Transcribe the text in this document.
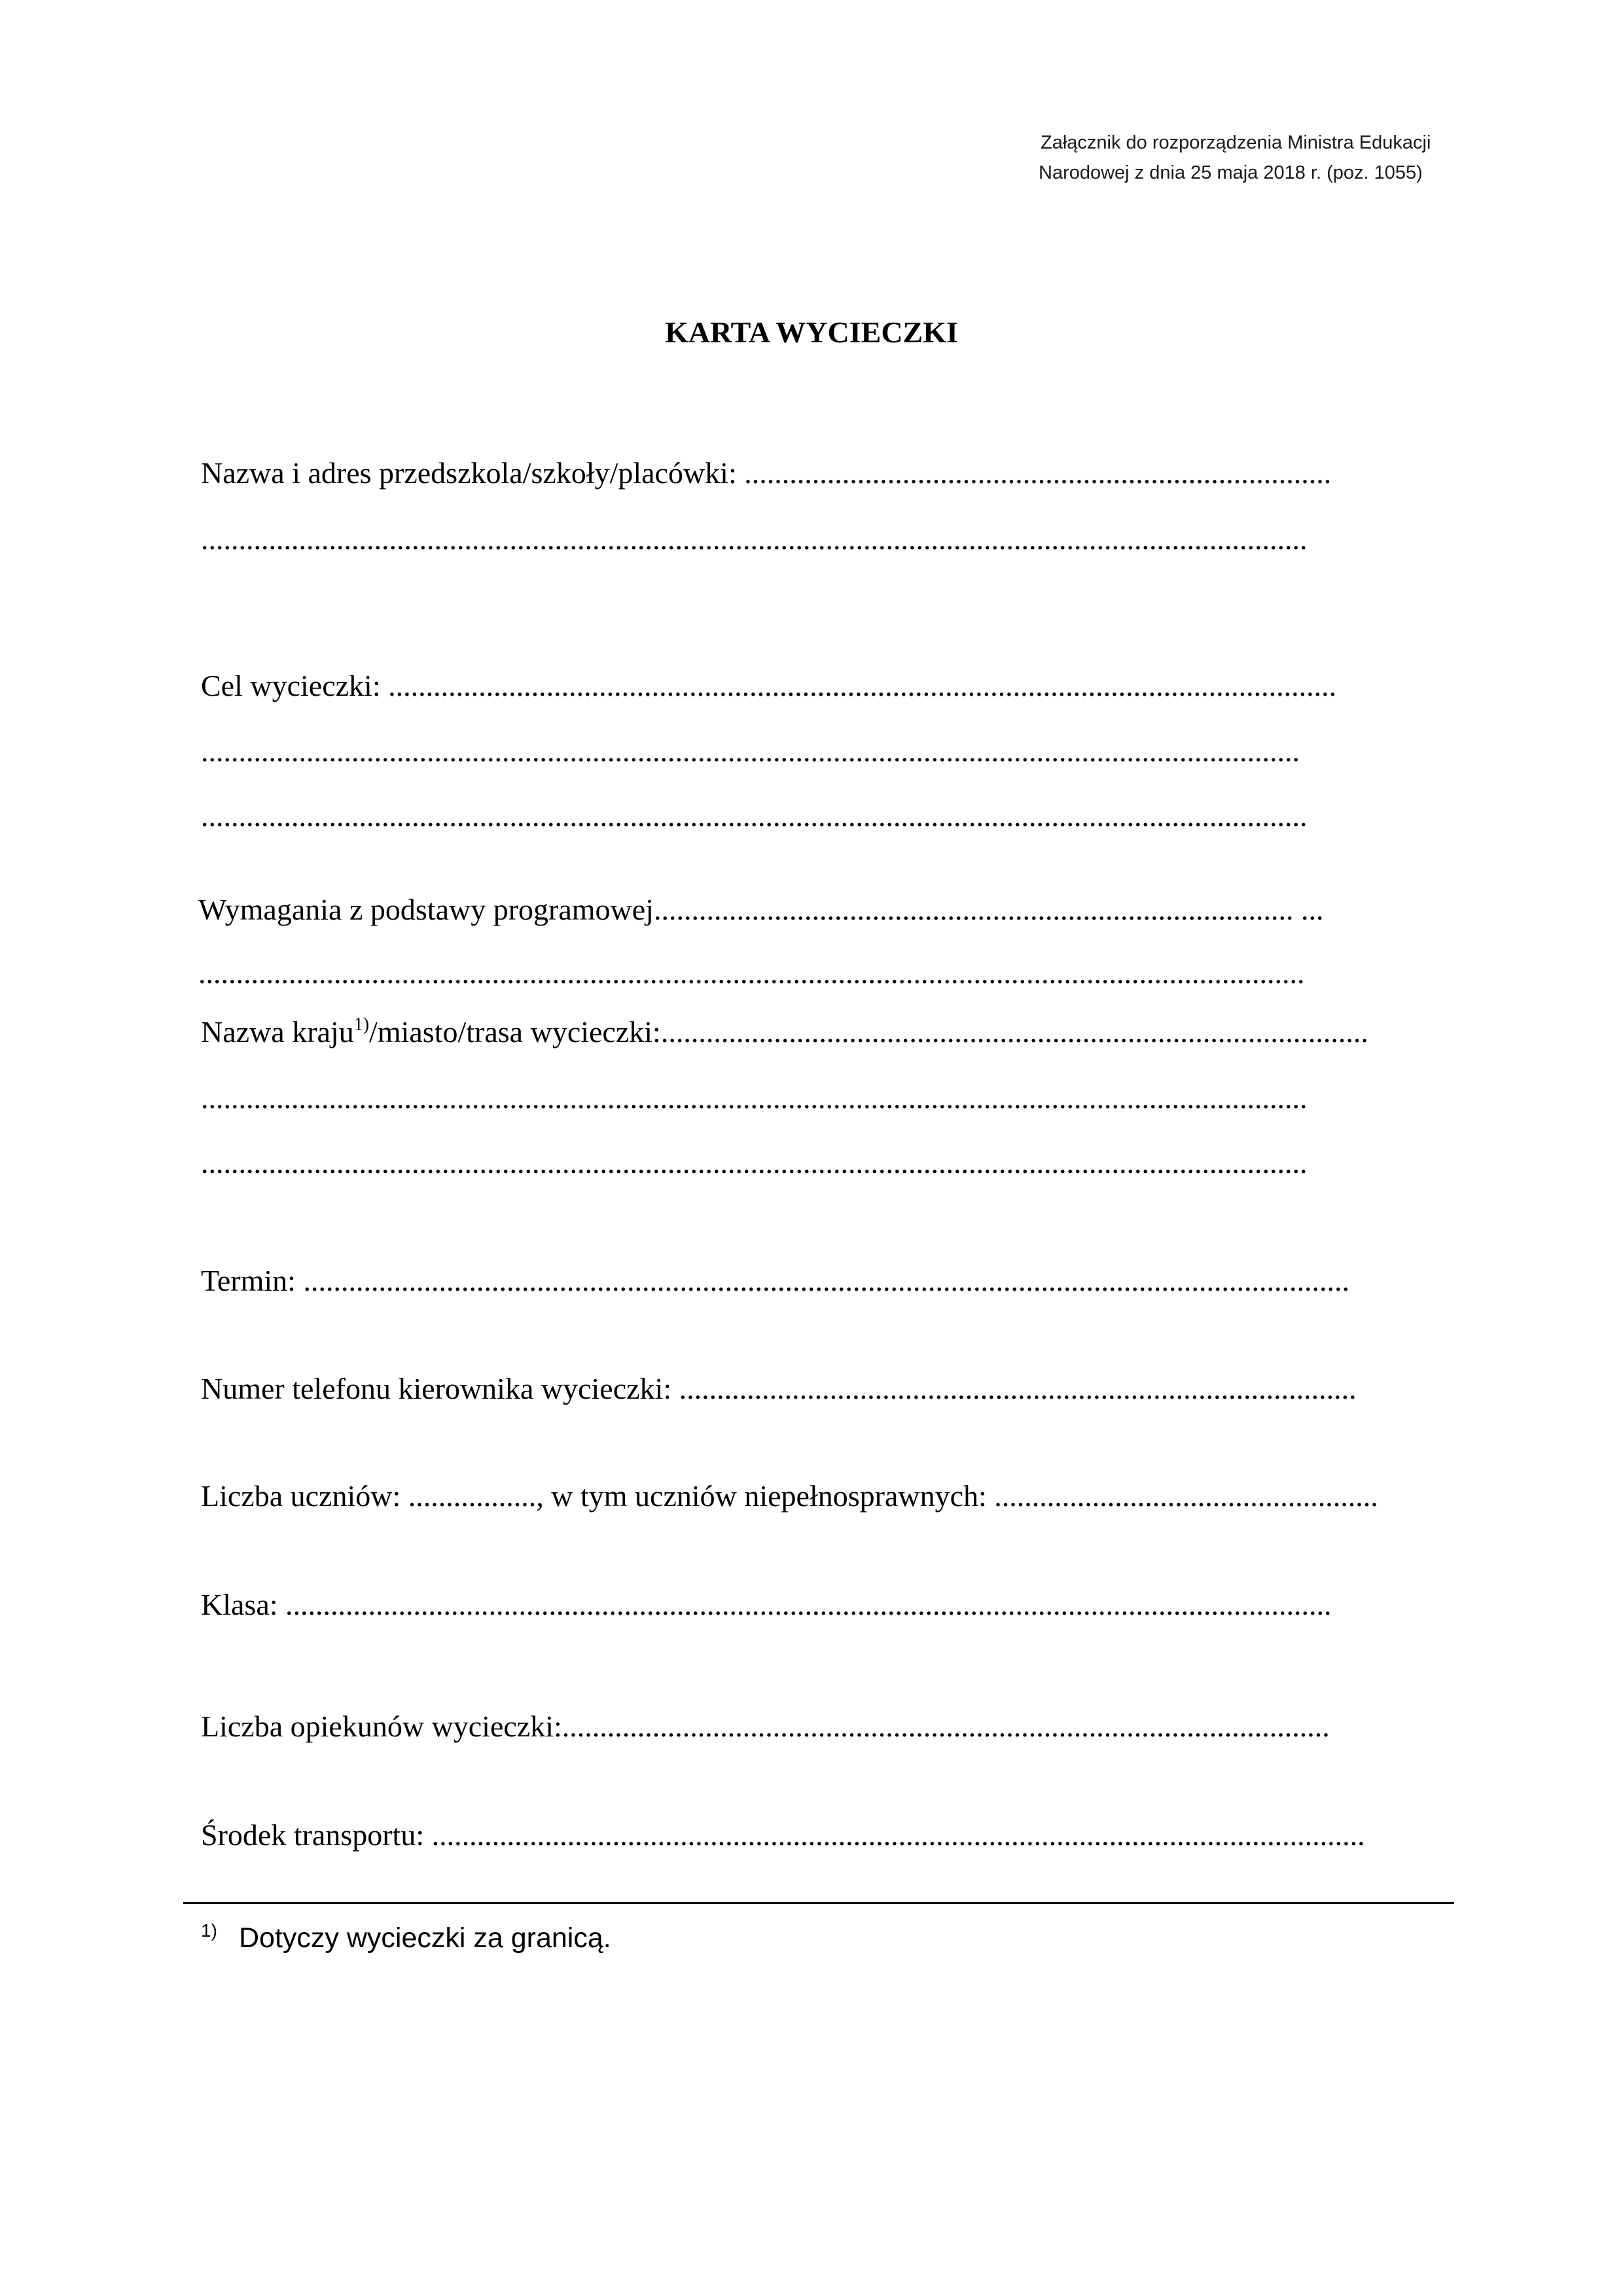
Załącznik do rozporządzenia Ministra Edukacji
Narodowej z dnia 25 maja 2018 r. (poz. 1055)
KARTA WYCIECZKI
Nazwa i adres przedszkola/szkoły/placówki: ..............................................................................
...................................................................................................................................................
Cel wycieczki: ..............................................................................................................................
..................................................................................................................................................
...................................................................................................................................................
Wymagania z podstawy programowej..................................................................................... ...
...................................................................................................................................................
Nazwa kraju$^{1)}$/miasto/trasa wycieczki:..............................................................................................
...................................................................................................................................................
...................................................................................................................................................
Termin: ...........................................................................................................................................
Numer telefonu kierownika wycieczki: ..........................................................................................
Liczba uczniów: ................., w tym uczniów niepełnosprawnych: ...................................................
Klasa: ...........................................................................................................................................
Liczba opiekunów wycieczki:......................................................................................................
Środek transportu: ............................................................................................................................
1) Dotyczy wycieczki za granicą.
